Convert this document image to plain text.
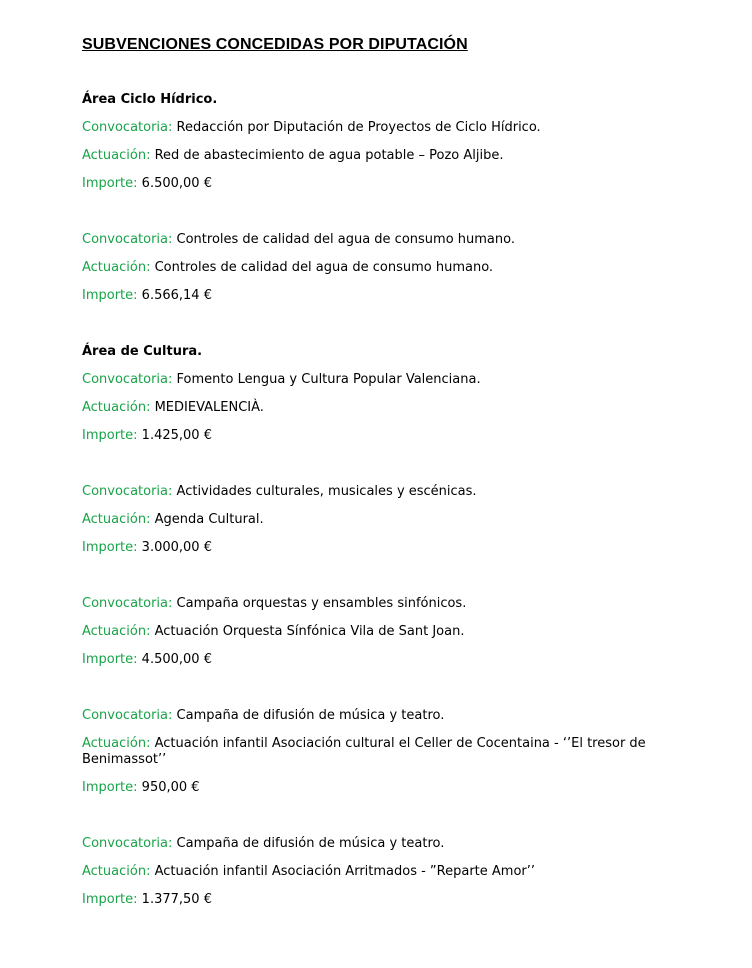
SUBVENCIONES CONCEDIDAS POR DIPUTACIÓN
Área Ciclo Hídrico.
Convocatoria: Redacción por Diputación de Proyectos de Ciclo Hídrico.
Actuación: Red de abastecimiento de agua potable – Pozo Aljibe.
Importe: 6.500,00 €
Convocatoria: Controles de calidad del agua de consumo humano.
Actuación: Controles de calidad del agua de consumo humano.
Importe: 6.566,14 €
Área de Cultura.
Convocatoria: Fomento Lengua y Cultura Popular Valenciana.
Actuación: MEDIEVALENCIÀ.
Importe: 1.425,00 €
Convocatoria: Actividades culturales, musicales y escénicas.
Actuación: Agenda Cultural.
Importe: 3.000,00 €
Convocatoria: Campaña orquestas y ensambles sinfónicos.
Actuación: Actuación Orquesta Sínfónica Vila de Sant Joan.
Importe: 4.500,00 €
Convocatoria: Campaña de difusión de música y teatro.
Actuación: Actuación infantil Asociación cultural el Celler de Cocentaina - ‘’El tresor de Benimassot’’
Importe: 950,00 €
Convocatoria: Campaña de difusión de música y teatro.
Actuación: Actuación infantil Asociación Arritmados - ”Reparte Amor’’
Importe: 1.377,50 €
